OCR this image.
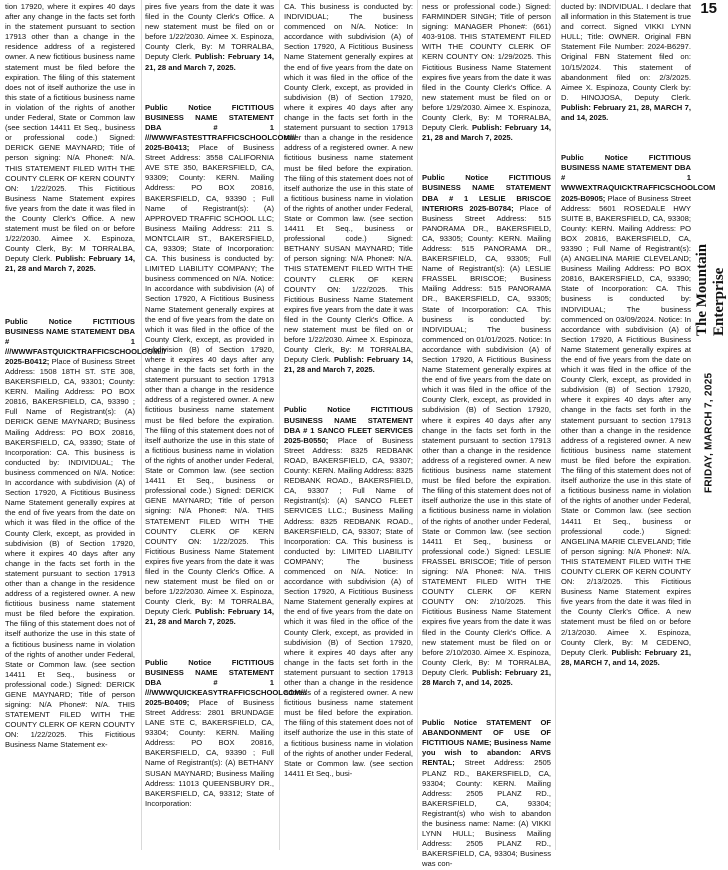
tion 17920, where it expires 40 days after any change in the facts set forth in the statement pursuant to section 17913 other than a change in the residence address of a registered owner. A new fictitious business name statement must be filed before the expiration. The filing of this statement does not of itself authorize the use in this state of a fictitious business name in violation of the rights of another under Federal, State or Common law (see section 14411 Et Seq., business or professional code.) Signed: DERICK GENE MAYNARD; Title of person signing: N/A Phone#: N/A. THIS STATEMENT FILED WITH THE COUNTY CLERK OF KERN COUNTY ON: 1/22/2025. This Fictitious Business Name Statement expires five years from the date it was filed in the County Clerk's Office. A new statement must be filed on or before 1/22/2030. Aimee X. Espinoza, County Clerk, By: M TORRALBA, Deputy Clerk. Publish: February 14, 21, 28 and March 7, 2025.

Public Notice FICTITIOUS BUSINESS NAME STATEMENT DBA # 1 ///WWWFASTQUICKTRAFFICSCHOOLCOM/// 2025-B0412; Place of Business Street Address: 1508 18TH ST. STE 308, BAKERSFIELD, CA, 93301; County: KERN. Mailing Address: PO BOX 20816, BAKERSFIELD, CA, 93390 ; Full Name of Registrant(s): (A) DERICK GENE MAYNARD; Business Mailing Address: PO BOX 20816, BAKERSFIELD, CA, 93390; State of Incorporation: CA. This business is conducted by: INDIVIDUAL; The business commenced on N/A. Notice: In accordance with subdivision (A) of Section 17920, A Fictitious Business Name Statement generally expires at the end of five years from the date on which it was filed in the office of the County Clerk, except, as provided in subdivision (B) of Section 17920, where it expires 40 days after any change in the facts set forth in the statement pursuant to section 17913 other than a change in the residence address of a registered owner. A new fictitious business name statement must be filed before the expiration. The filing of this statement does not of itself authorize the use in this state of a fictitious business name in violation of the rights of another under Federal, State or Common law. (see section 14411 Et Seq., business or professional code.) Signed: DERICK GENE MAYNARD; Title of person signing: N/A Phone#: N/A. THIS STATEMENT FILED WITH THE COUNTY CLERK OF KERN COUNTY ON: 1/22/2025. This Fictitious Business Name Statement ex-

pires five years from the date it was filed in the County Clerk's Office. A new statement must be filed on or before 1/22/2030. Aimee X. Espinoza, County Clerk, By: M TORRALBA, Deputy Clerk. Publish: February 14, 21, 28 and March 7, 2025.

Public Notice FICTITIOUS BUSINESS NAME STATEMENT DBA # 1 ///WWWFASTESTTRAFFICSCHOOLCOM/// 2025-B0413; Place of Business Street Address: 3558 CALIFORNIA AVE STE 350, BAKERSFIELD, CA, 93309; County: KERN. Mailing Address: PO BOX 20816, BAKERSFIELD, CA, 93390 ; Full Name of Registrant(s): (A) APPROVED TRAFFIC SCHOOL LLC; Business Mailing Address: 211 S. MONTCLAIR ST., BAKERSFIELD, CA, 93309; State of Incorporation: CA. This business is conducted by: LIMITED LIABILITY COMPANY; The business commenced on N/A. Notice: In accordance with subdivision (A) of Section 17920, A Fictitious Business Name Statement generally expires at the end of five years from the date on which it was filed in the office of the County Clerk, except, as provided in subdivision (B) of Section 17920, where it expires 40 days after any change in the facts set forth in the statement pursuant to section 17913 other than a change in the residence address of a registered owner. A new fictitious business name statement must be filed before the expiration. The filing of this statement does not of itself authorize the use in this state of a fictitious business name in violation of the rights of another under Federal, State or Common law. (see section 14411 Et Seq., business or professional code.) Signed: DERICK GENE MAYNARD; Title of person signing: N/A Phone#: N/A. THIS STATEMENT FILED WITH THE COUNTY CLERK OF KERN COUNTY ON: 1/22/2025. This Fictitious Business Name Statement expires five years from the date it was filed in the County Clerk's Office. A new statement must be filed on or before 1/22/2030. Aimee X. Espinoza, County Clerk, By: M TORRALBA, Deputy Clerk. Publish: February 14, 21, 28 and March 7, 2025.

Public Notice FICTITIOUS BUSINESS NAME STATEMENT DBA # 1 ///WWWQUICKEASYTRAFFICSCHOOLCOM/// 2025-B0409; Place of Business Street Address: 2801 BRUNDAGE LANE STE C, BAKERSFIELD, CA, 93304; County: KERN. Mailing Address: PO BOX 20816, BAKERSFIELD, CA, 93390 ; Full Name of Registrant(s): (A) BETHANY SUSAN MAYNARD; Business Mailing Address: 11013 QUEENSBURY DR., BAKERSFIELD, CA, 93312; State of Incorporation:

CA. This business is conducted by: INDIVIDUAL; The business commenced on N/A. Notice: In accordance with subdivision (A) of Section 17920, A Fictitious Business Name Statement generally expires at the end of five years from the date on which it was filed in the office of the County Clerk, except, as provided in subdivision (B) of Section 17920, where it expires 40 days after any change in the facts set forth in the statement pursuant to section 17913 other than a change in the residence address of a registered owner. A new fictitious business name statement must be filed before the expiration. The filing of this statement does not of itself authorize the use in this state of a fictitious business name in violation of the rights of another under Federal, State or Common law. (see section 14411 Et Seq., business or professional code.) Signed: BETHANY SUSAN MAYNARD; Title of person signing: N/A Phone#: N/A. THIS STATEMENT FILED WITH THE COUNTY CLERK OF KERN COUNTY ON: 1/22/2025. This Fictitious Business Name Statement expires five years from the date it was filed in the County Clerk's Office. A new statement must be filed on or before 1/22/2030. Aimee X. Espinoza, County Clerk, By: M TORRALBA, Deputy Clerk. Publish: February 14, 21, 28 and March 7, 2025.

Public Notice FICTITIOUS BUSINESS NAME STATEMENT DBA # 1 SANCO FLEET SERVICES 2025-B0550; Place of Business Street Address: 8325 REDBANK ROAD, BAKERSFIELD, CA, 93307; County: KERN. Mailing Address: 8325 REDBANK ROAD., BAKERSFIELD, CA, 93307 ; Full Name of Registrant(s): (A) SANCO FLEET SERVICES LLC.; Business Mailing Address: 8325 REDBANK ROAD., BAKERSFIELD, CA, 93307; State of Incorporation: CA. This business is conducted by: LIMITED LIABILITY COMPANY; The business commenced on N/A. Notice: In accordance with subdivision (A) of Section 17920, A Fictitious Business Name Statement generally expires at the end of five years from the date on which it was filed in the office of the County Clerk, except, as provided in subdivision (B) of Section 17920, where it expires 40 days after any change in the facts set forth in the statement pursuant to section 17913 other than a change in the residence address of a registered owner. A new fictitious business name statement must be filed before the expiration. The filing of this statement does not of itself authorize the use in this state of a fictitious business name in violation of the rights of another under Federal, State or Common law. (see section 14411 Et Seq., busi-

ness or professional code.) Signed: FARMINDER SINGH; Title of person signing: MANAGER Phone#: (661) 403-9108. THIS STATEMENT FILED WITH THE COUNTY CLERK OF KERN COUNTY ON: 1/29/2025. This Fictitious Business Name Statement expires five years from the date it was filed in the County Clerk's Office. A new statement must be filed on or before 1/29/2030. Aimee X. Espinoza, County Clerk, By: M TORRALBA, Deputy Clerk. Publish: February 14, 21, 28 and March 7, 2025.

Public Notice FICTITIOUS BUSINESS NAME STATEMENT DBA # 1 LESLIE BRISCOE INTERIORS 2025-B0784; Place of Business Street Address: 515 PANORAMA DR., BAKERSFIELD, CA, 93305; County: KERN. Mailing Address: 515 PANORAMA DR., BAKERSFIELD, CA, 93305; Full Name of Registrant(s): (A) LESLIE FRASSEL BRISCOE; Business Mailing Address: 515 PANORAMA DR., BAKERSFIELD, CA, 93305; State of Incorporation: CA. This business is conducted by: INDIVIDUAL; The business commenced on 01/01/2025. Notice: In accordance with subdivision (A) of Section 17920, A Fictitious Business Name Statement generally expires at the end of five years from the date on which it was filed in the office of the County Clerk, except, as provided in subdivision (B) of Section 17920, where it expires 40 days after any change in the facts set forth in the statement pursuant to section 17913 other than a change in the residence address of a registered owner. A new fictitious business name statement must be filed before the expiration. The filing of this statement does not of itself authorize the use in this state of a fictitious business name in violation of the rights of another under Federal, State or Common law. (see section 14411 Et Seq., business or professional code.) Signed: LESLIE FRASSEL BRISCOE; Title of person signing: N/A Phone#: N/A. THIS STATEMENT FILED WITH THE COUNTY CLERK OF KERN COUNTY ON: 2/10/2025. This Fictitious Business Name Statement expires five years from the date it was filed in the County Clerk's Office. A new statement must be filed on or before 2/10/2030. Aimee X. Espinoza, County Clerk, By: M TORRALBA, Deputy Clerk. Publish: February 21, 28 March 7, and 14, 2025.

Public Notice STATEMENT OF ABANDONMENT OF USE OF FICTITIOUS NAME; Business Name you wish to abandon: ARVS RENTAL; Street Address: 2505 PLANZ RD., BAKERSFIELD, CA, 93304; County: KERN. Mailing Address: 2505 PLANZ RD., BAKERSFIELD, CA, 93304; Registrant(s) who wish to abandon the business name: Name: (A) VIKKI LYNN HULL; Business Mailing Address: 2505 PLANZ RD., BAKERSFIELD, CA, 93304; Business was con-

ducted by: INDIVIDUAL. I declare that all information in this Statement is true and correct. Signed VIKKI LYNN HULL; Title: OWNER. Original FBN Statement File Number: 2024-B6297. Original FBN Statement filed on: 10/15/2024. This statement of abandonment filed on: 2/3/2025. Aimee X. Espinoza, County Clerk by: D. HINOJOSA, Deputy Clerk. Publish: February 21, 28, MARCH 7, and 14, 2025.

Public Notice FICTITIOUS BUSINESS NAME STATEMENT DBA # 1 WWWEXTRAQUICKTRAFFICSCHOOLCOM 2025-B0905; Place of Business Street Address: 5601 ROSEDALE HWY SUITE B, BAKERSFIELD, CA, 93308; County: KERN. Mailing Address: PO BOX 20816, BAKERSFIELD, CA, 93390 ; Full Name of Registrant(s): (A) ANGELINA MARIE CLEVELAND; Business Mailing Address: PO BOX 20816, BAKERSFIELD, CA, 93390; State of Incorporation: CA. This business is conducted by: INDIVIDUAL; The business commenced on 03/09/2024. Notice: In accordance with subdivision (A) of Section 17920, A Fictitious Business Name Statement generally expires at the end of five years from the date on which it was filed in the office of the County Clerk, except, as provided in subdivision (B) of Section 17920, where it expires 40 days after any change in the facts set forth in the statement pursuant to section 17913 other than a change in the residence address of a registered owner. A new fictitious business name statement must be filed before the expiration. The filing of this statement does not of itself authorize the use in this state of a fictitious business name in violation of the rights of another under Federal, State or Common law. (see section 14411 Et Seq., business or professional code.) Signed: ANGELINA MARIE CLEVELAND; Title of person signing: N/A Phone#: N/A. THIS STATEMENT FILED WITH THE COUNTY CLERK OF KERN COUNTY ON: 2/13/2025. This Fictitious Business Name Statement expires five years from the date it was filed in the County Clerk's Office. A new statement must be filed on or before 2/13/2030. Aimee X. Espinoza, County Clerk, By: M CEDENO, Deputy Clerk. Publish: February 21, 28, MARCH 7, and 14, 2025.

15
The Mountain Enterprise
FRIDAY, MARCH 7, 2025
